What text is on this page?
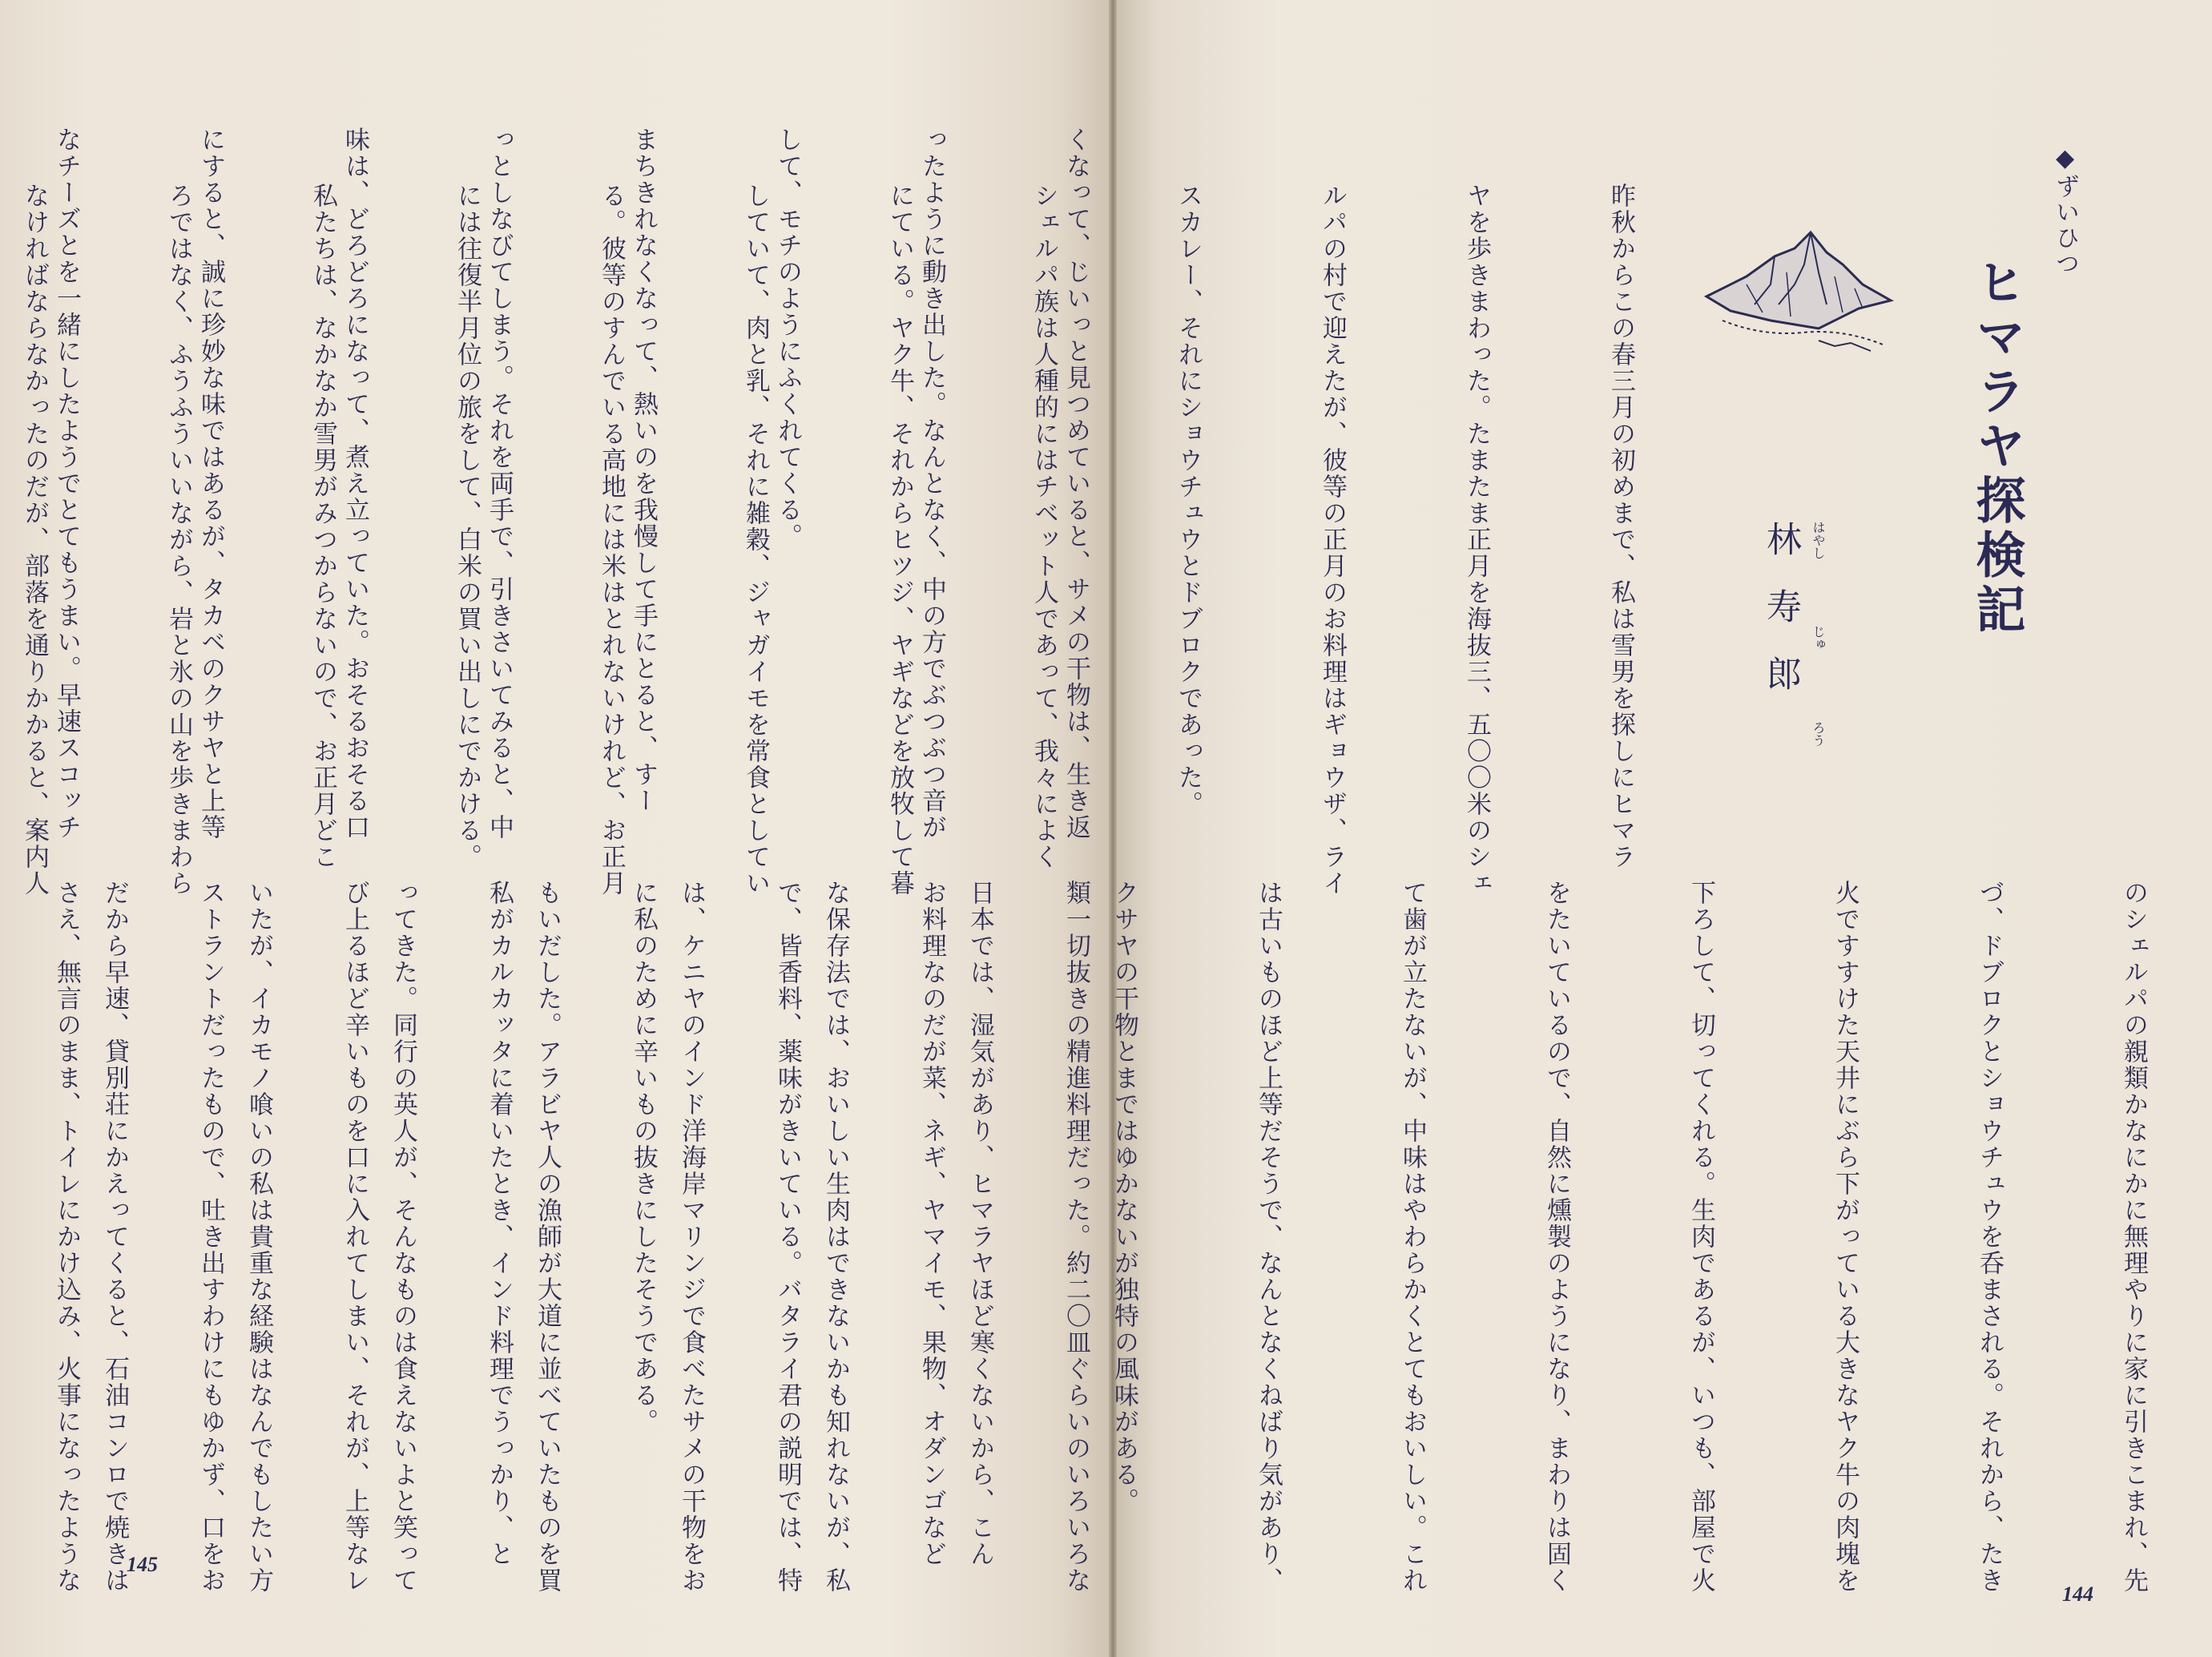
◆ずいひつ
ヒマラヤ探検記
林寿郎 はやし
じゅ
ろう

昨秋からこの春三月の初めまで、私は雪男を探しにヒマラ

ヤを歩きまわった。たまたま正月を海抜三、五〇〇米のシェ

ルパの村で迎えたが、彼等の正月のお料理はギョウザ、ライ

スカレー、それにショウチュウとドブロクであった。

シェルパ族は人種的にはチベット人であって、我々によく

にている。ヤク牛、それからヒツジ、ヤギなどを放牧して暮

していて、肉と乳、それに雑穀、ジャガイモを常食としてい

る。彼等のすんでいる高地には米はとれないけれど、お正月

には往復半月位の旅をして、白米の買い出しにでかける。

私たちは、なかなか雪男がみつからないので、お正月どこ

ろではなく、ふうふういいながら、岩と氷の山を歩きまわら

なければならなかったのだが、部落を通りかかると、案内人

のシェルパの親類かなにかに無理やりに家に引きこまれ、先

づ、ドブロクとショウチュウを呑まされる。それから、たき

火ですすけた天井にぶら下がっている大きなヤク牛の肉塊を

下ろして、切ってくれる。生肉であるが、いつも、部屋で火

をたいているので、自然に燻製のようになり、まわりは固く

て歯が立たないが、中味はやわらかくとてもおいしい。これ

は古いものほど上等だそうで、なんとなくねばり気があり、

クサヤの干物とまではゆかないが独特の風味がある。

日本では、湿気があり、ヒマラヤほど寒くないから、こん

な保存法では、おいしい生肉はできないかも知れないが、私

は、ケニヤのインド洋海岸マリンジで食べたサメの干物をお

もいだした。アラビヤ人の漁師が大道に並べていたものを買

ってきた。同行の英人が、そんなものは食えないよと笑って

いたが、イカモノ喰いの私は貴重な経験はなんでもしたい方

だから早速、貸別荘にかえってくると、石油コンロで焼きは

144

くなって、じいっと見つめていると、サメの干物は、生き返

ったように動き出した。なんとなく、中の方でぶつぶつ音が

して、モチのようにふくれてくる。

まちきれなくなって、熱いのを我慢して手にとると、すー

っとしなびてしまう。それを両手で、引きさいてみると、中

味は、どろどろになって、煮え立っていた。おそるおそる口

にすると、誠に珍妙な味ではあるが、タカベのクサヤと上等

なチーズとを一緒にしたようでとてもうまい。早速スコッチ

類一切抜きの精進料理だった。約二〇皿ぐらいのいろいろな

お料理なのだが菜、ネギ、ヤマイモ、果物、オダンゴなど

で、皆香料、薬味がきいている。バタライ君の説明では、特

に私のために辛いもの抜きにしたそうである。

私がカルカッタに着いたとき、インド料理でうっかり、と

び上るほど辛いものを口に入れてしまい、それが、上等なレ

ストラントだったもので、吐き出すわけにもゆかず、口をお

さえ、無言のまま、トイレにかけ込み、火事になったような

	145
